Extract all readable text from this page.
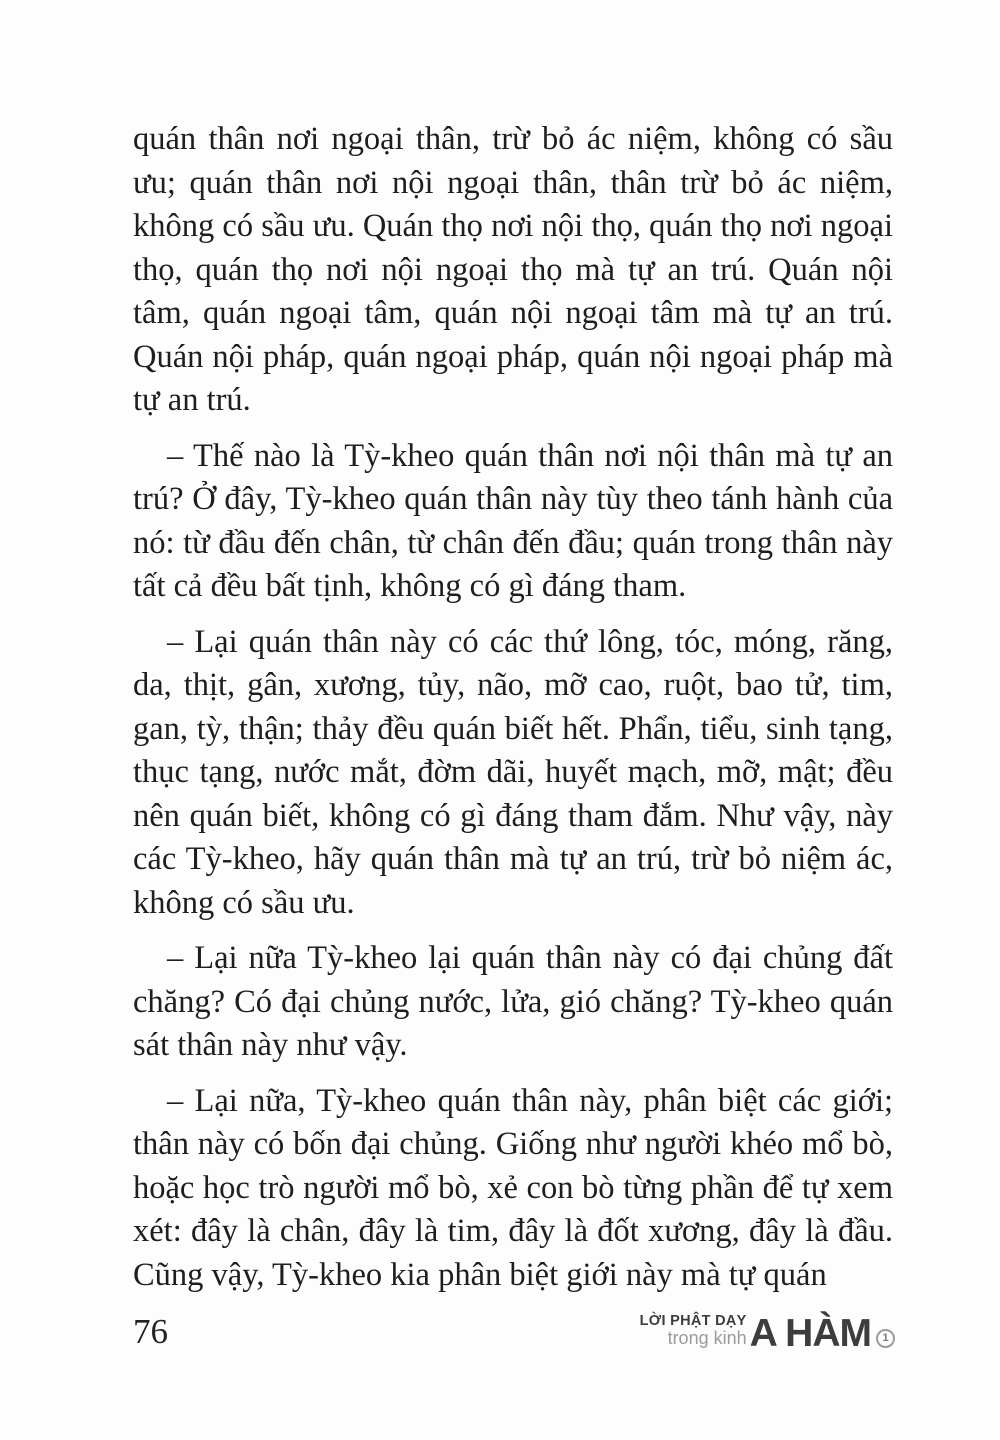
quán thân nơi ngoại thân, trừ bỏ ác niệm, không có sầu ưu; quán thân nơi nội ngoại thân, thân trừ bỏ ác niệm, không có sầu ưu. Quán thọ nơi nội thọ, quán thọ nơi ngoại thọ, quán thọ nơi nội ngoại thọ mà tự an trú. Quán nội tâm, quán ngoại tâm, quán nội ngoại tâm mà tự an trú. Quán nội pháp, quán ngoại pháp, quán nội ngoại pháp mà tự an trú.

– Thế nào là Tỳ-kheo quán thân nơi nội thân mà tự an trú? Ở đây, Tỳ-kheo quán thân này tùy theo tánh hành của nó: từ đầu đến chân, từ chân đến đầu; quán trong thân này tất cả đều bất tịnh, không có gì đáng tham.

– Lại quán thân này có các thứ lông, tóc, móng, răng, da, thịt, gân, xương, tủy, não, mỡ cao, ruột, bao tử, tim, gan, tỳ, thận; thảy đều quán biết hết. Phẩn, tiểu, sinh tạng, thục tạng, nước mắt, đờm dãi, huyết mạch, mỡ, mật; đều nên quán biết, không có gì đáng tham đắm. Như vậy, này các Tỳ-kheo, hãy quán thân mà tự an trú, trừ bỏ niệm ác, không có sầu ưu.

– Lại nữa Tỳ-kheo lại quán thân này có đại chủng đất chăng? Có đại chủng nước, lửa, gió chăng? Tỳ-kheo quán sát thân này như vậy.

– Lại nữa, Tỳ-kheo quán thân này, phân biệt các giới; thân này có bốn đại chủng. Giống như người khéo mổ bò, hoặc học trò người mổ bò, xẻ con bò từng phần để tự xem xét: đây là chân, đây là tim, đây là đốt xương, đây là đầu. Cũng vậy, Tỳ-kheo kia phân biệt giới này mà tự quán

76	LỜI PHẬT DẠY
trong kinh A HÀM	1
